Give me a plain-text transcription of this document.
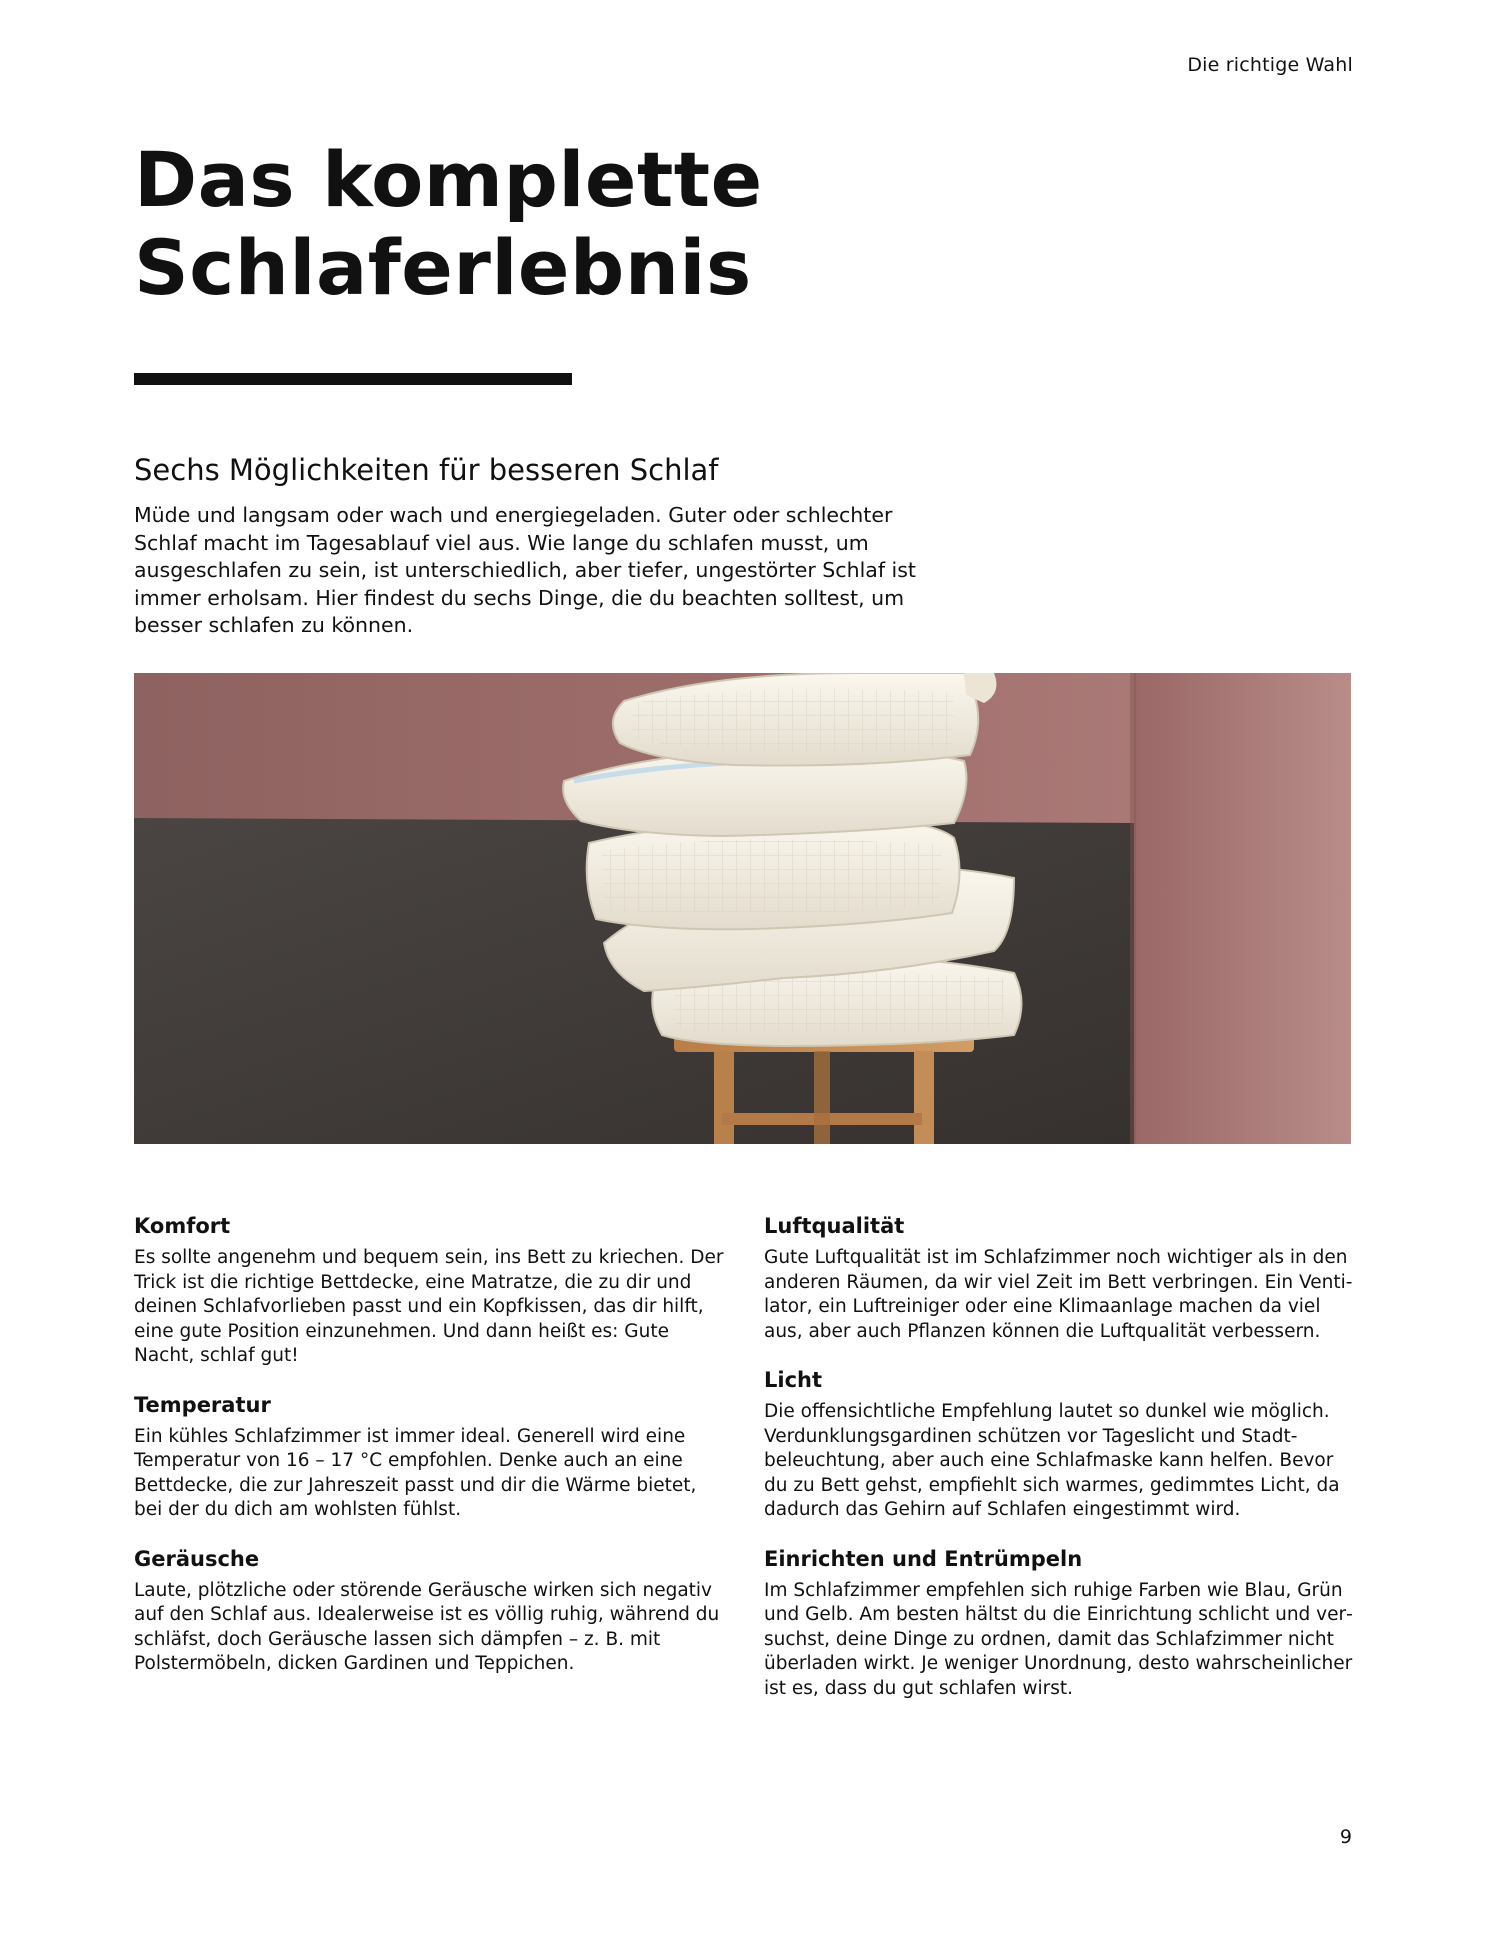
Die richtige Wahl
Das komplette
Schlaferlebnis
Sechs Möglichkeiten für besseren Schlaf

Müde und langsam oder wach und energiegeladen. Guter oder schlechter Schlaf macht im Tagesablauf viel aus. Wie lange du schlafen musst, um ausgeschlafen zu sein, ist unterschiedlich, aber tiefer, ungestörter Schlaf ist immer erholsam. Hier findest du sechs Dinge, die du beachten solltest, um besser schlafen zu können.

Komfort

Es sollte angenehm und bequem sein, ins Bett zu kriechen. Der Trick ist die richtige Bettdecke, eine Matratze, die zu dir und deinen Schlafvorlieben passt und ein Kopfkissen, das dir hilft, eine gute Position einzunehmen. Und dann heißt es: Gute Nacht, schlaf gut!

Temperatur

Ein kühles Schlafzimmer ist immer ideal. Generell wird eine Temperatur von 16 – 17 °C empfohlen. Denke auch an eine Bettdecke, die zur Jahreszeit passt und dir die Wärme bietet, bei der du dich am wohlsten fühlst.

Geräusche

Laute, plötzliche oder störende Geräusche wirken sich negativ auf den Schlaf aus. Idealerweise ist es völlig ruhig, während du schläfst, doch Geräusche lassen sich dämpfen – z. B. mit Polstermöbeln, dicken Gardinen und Teppichen.

Luftqualität

Gute Luftqualität ist im Schlafzimmer noch wichtiger als in den anderen Räumen, da wir viel Zeit im Bett verbringen. Ein Ventilator, ein Luftreiniger oder eine Klimaanlage machen da viel aus, aber auch Pflanzen können die Luftqualität verbessern.

Licht

Die offensichtliche Empfehlung lautet so dunkel wie möglich. Verdunklungsgardinen schützen vor Tageslicht und Stadtbeleuchtung, aber auch eine Schlafmaske kann helfen. Bevor du zu Bett gehst, empfiehlt sich warmes, gedimmtes Licht, da dadurch das Gehirn auf Schlafen eingestimmt wird.

Einrichten und Entrümpeln

Im Schlafzimmer empfehlen sich ruhige Farben wie Blau, Grün und Gelb. Am besten hältst du die Einrichtung schlicht und versuchst, deine Dinge zu ordnen, damit das Schlafzimmer nicht überladen wirkt. Je weniger Unordnung, desto wahrscheinlicher ist es, dass du gut schlafen wirst.

9
